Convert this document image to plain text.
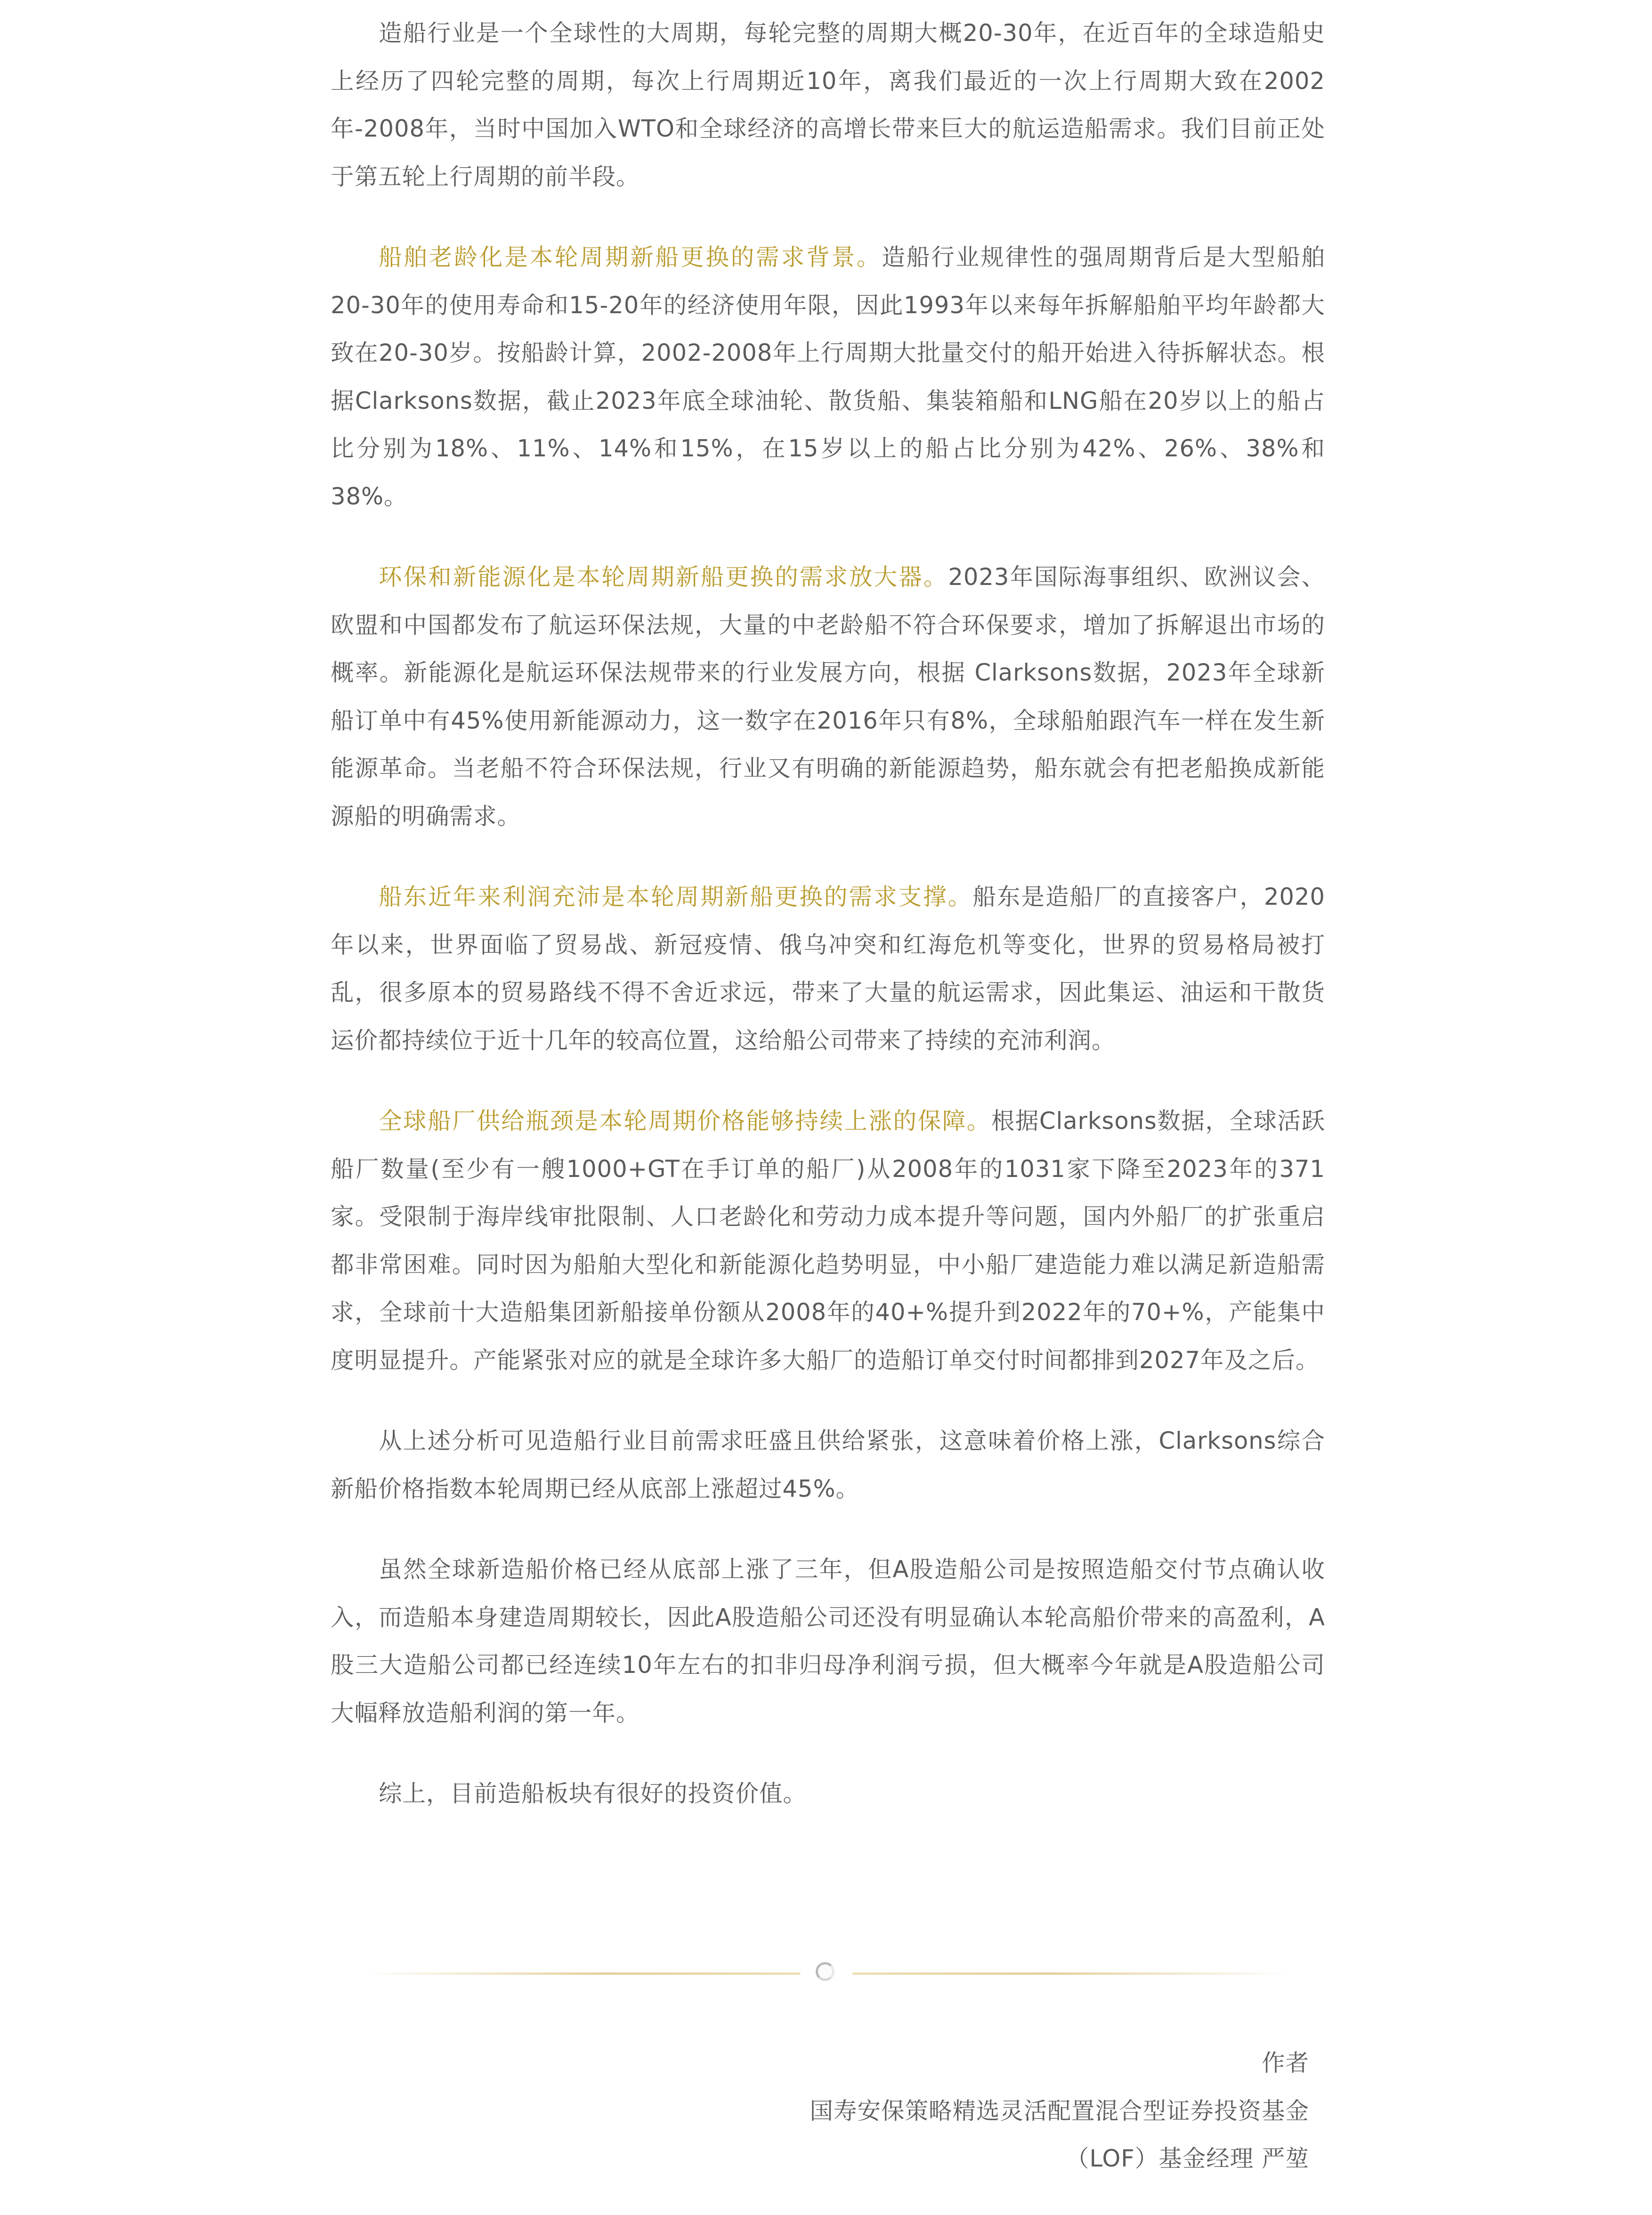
造船行业是一个全球性的大周期，每轮完整的周期大概20-30年，在近百年的全球造船史上经历了四轮完整的周期，每次上行周期近10年，离我们最近的一次上行周期大致在2002年-2008年，当时中国加入WTO和全球经济的高增长带来巨大的航运造船需求。我们目前正处于第五轮上行周期的前半段。

船舶老龄化是本轮周期新船更换的需求背景。造船行业规律性的强周期背后是大型船舶20-30年的使用寿命和15-20年的经济使用年限，因此1993年以来每年拆解船舶平均年龄都大致在20-30岁。按船龄计算，2002-2008年上行周期大批量交付的船开始进入待拆解状态。根据Clarksons数据，截止2023年底全球油轮、散货船、集装箱船和LNG船在20岁以上的船占比分别为18%、11%、14%和15%，在15岁以上的船占比分别为42%、26%、38%和38%。

环保和新能源化是本轮周期新船更换的需求放大器。2023年国际海事组织、欧洲议会、欧盟和中国都发布了航运环保法规，大量的中老龄船不符合环保要求，增加了拆解退出市场的概率。新能源化是航运环保法规带来的行业发展方向，根据 Clarksons数据，2023年全球新船订单中有45%使用新能源动力，这一数字在2016年只有8%，全球船舶跟汽车一样在发生新能源革命。当老船不符合环保法规，行业又有明确的新能源趋势，船东就会有把老船换成新能源船的明确需求。

船东近年来利润充沛是本轮周期新船更换的需求支撑。船东是造船厂的直接客户，2020年以来，世界面临了贸易战、新冠疫情、俄乌冲突和红海危机等变化，世界的贸易格局被打乱，很多原本的贸易路线不得不舍近求远，带来了大量的航运需求，因此集运、油运和干散货运价都持续位于近十几年的较高位置，这给船公司带来了持续的充沛利润。

全球船厂供给瓶颈是本轮周期价格能够持续上涨的保障。根据Clarksons数据，全球活跃船厂数量(至少有一艘1000+GT在手订单的船厂)从2008年的1031家下降至2023年的371家。受限制于海岸线审批限制、人口老龄化和劳动力成本提升等问题，国内外船厂的扩张重启都非常困难。同时因为船舶大型化和新能源化趋势明显，中小船厂建造能力难以满足新造船需求，全球前十大造船集团新船接单份额从2008年的40+%提升到2022年的70+%，产能集中度明显提升。产能紧张对应的就是全球许多大船厂的造船订单交付时间都排到2027年及之后。

从上述分析可见造船行业目前需求旺盛且供给紧张，这意味着价格上涨，Clarksons综合新船价格指数本轮周期已经从底部上涨超过45%。

虽然全球新造船价格已经从底部上涨了三年，但A股造船公司是按照造船交付节点确认收入，而造船本身建造周期较长，因此A股造船公司还没有明显确认本轮高船价带来的高盈利，A股三大造船公司都已经连续10年左右的扣非归母净利润亏损，但大概率今年就是A股造船公司大幅释放造船利润的第一年。

综上，目前造船板块有很好的投资价值。

作者
国寿安保策略精选灵活配置混合型证券投资基金
（LOF）基金经理 严堃
